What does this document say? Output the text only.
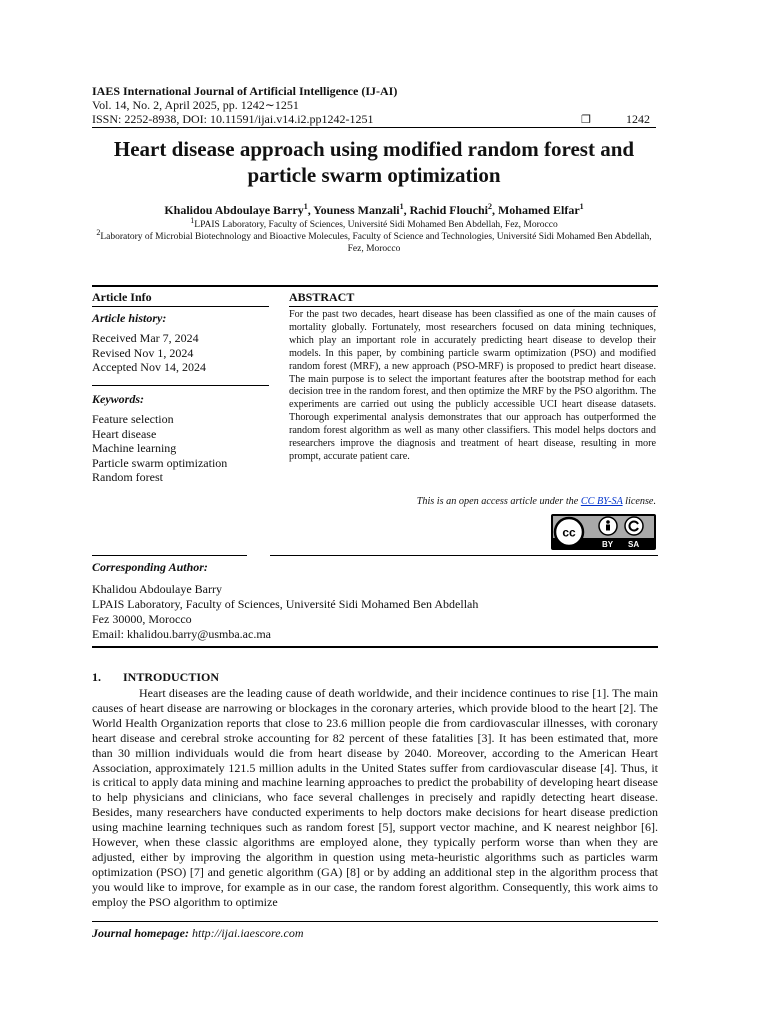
IAES International Journal of Artificial Intelligence (IJ-AI)
Vol. 14, No. 2, April 2025, pp. 1242∼1251
ISSN: 2252-8938, DOI: 10.11591/ijai.v14.i2.pp1242-1251	❐	1242
Heart disease approach using modified random forest and
particle swarm optimization
Khalidou Abdoulaye Barry$^1$, Youness Manzali$^1$, Rachid Flouchi$^2$, Mohamed Elfar$^1$
$^1$LPAIS Laboratory, Faculty of Sciences, Université Sidi Mohamed Ben Abdellah, Fez, Morocco
$^2$Laboratory of Microbial Biotechnology and Bioactive Molecules, Faculty of Science and Technologies, Université Sidi Mohamed Ben Abdellah, Fez, Morocco
Article Info
Article history:
Received Mar 7, 2024
Revised Nov 1, 2024
Accepted Nov 14, 2024
Keywords:
Feature selection
Heart disease
Machine learning
Particle swarm optimization
Random forest
ABSTRACT
For the past two decades, heart disease has been classified as one of the main causes of mortality globally. Fortunately, most researchers focused on data mining techniques, which play an important role in accurately predicting heart disease to develop their models. In this paper, by combining particle swarm optimization (PSO) and modified random forest (MRF), a new approach (PSO-MRF) is proposed to predict heart disease. The main purpose is to select the important features after the bootstrap method for each decision tree in the random forest, and then optimize the MRF by the PSO algorithm. The experiments are carried out using the publicly accessible UCI heart disease datasets. Thorough experimental analysis demonstrates that our approach has outperformed the random forest algorithm as well as many other classifiers. This model helps doctors and researchers improve the diagnosis and treatment of heart disease, resulting in more prompt, accurate patient care.
This is an open access article under the CC BY-SA license.
cc
BY SA
Corresponding Author:
Khalidou Abdoulaye Barry
LPAIS Laboratory, Faculty of Sciences, Université Sidi Mohamed Ben Abdellah
Fez 30000, Morocco
Email: khalidou.barry@usmba.ac.ma
1. INTRODUCTION
Heart diseases are the leading cause of death worldwide, and their incidence continues to rise [1]. The main causes of heart disease are narrowing or blockages in the coronary arteries, which provide blood to the heart [2]. The World Health Organization reports that close to 23.6 million people die from cardiovascular illnesses, with coronary heart disease and cerebral stroke accounting for 82 percent of these fatalities [3]. It has been estimated that, more than 30 million individuals would die from heart disease by 2040. Moreover, according to the American Heart Association, approximately 121.5 million adults in the United States suffer from cardiovascular disease [4]. Thus, it is critical to apply data mining and machine learning approaches to predict the probability of developing heart disease to help physicians and clinicians, who face several challenges in precisely and rapidly detecting heart disease. Besides, many researchers have conducted experiments to help doctors make decisions for heart disease prediction using machine learning techniques such as random forest [5], support vector machine, and K nearest neighbor [6]. However, when these classic algorithms are employed alone, they typically perform worse than when they are adjusted, either by improving the algorithm in question using meta-heuristic algorithms such as particles warm optimization (PSO) [7] and genetic algorithm (GA) [8] or by adding an additional step in the algorithm process that you would like to improve, for example as in our case, the random forest algorithm. Consequently, this work aims to employ the PSO algorithm to optimize
Journal homepage: http://ijai.iaescore.com
